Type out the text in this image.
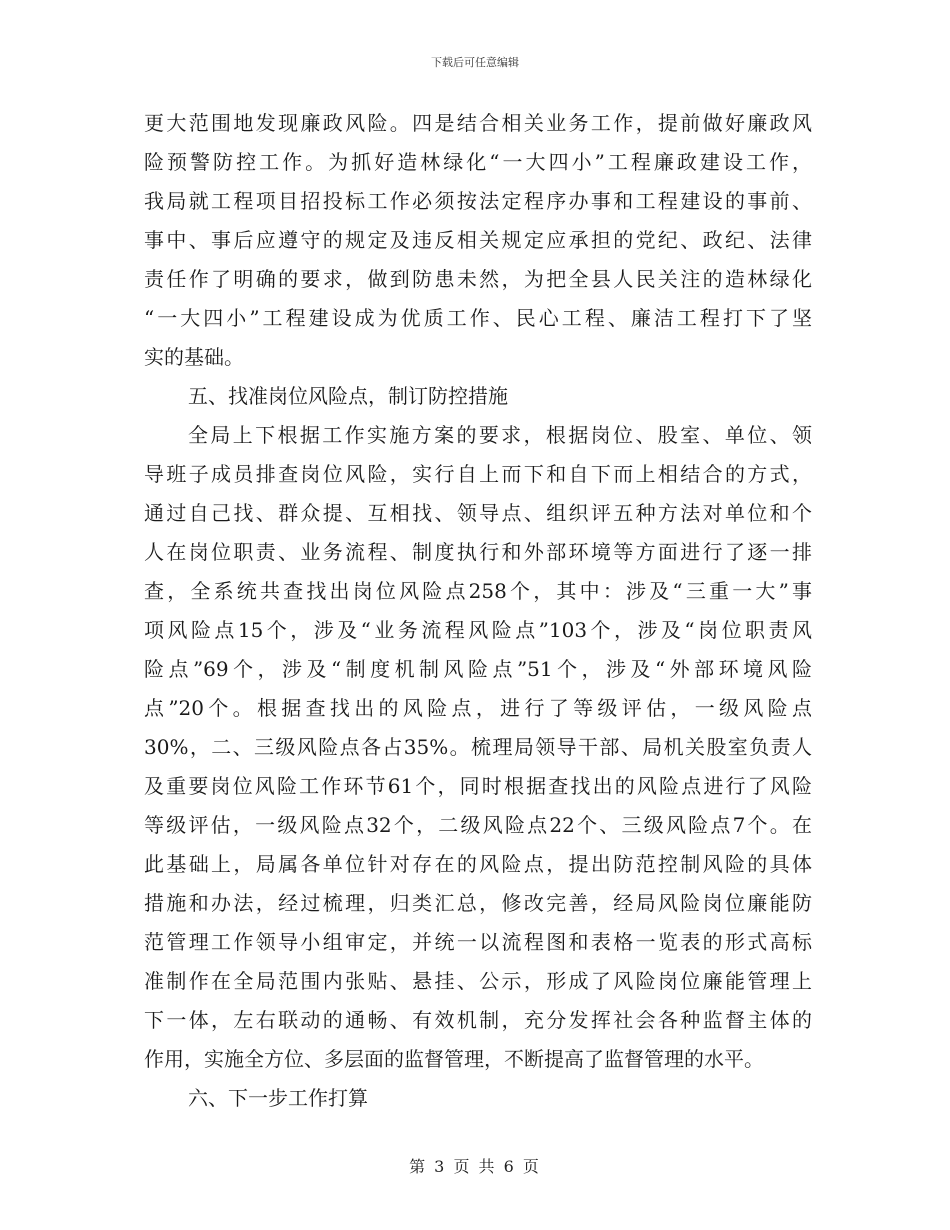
下载后可任意编辑
更大范围地发现廉政风险。四是结合相关业务工作，提前做好廉政风
险预警防控工作。为抓好造林绿化“一大四小”工程廉政建设工作，
我局就工程项目招投标工作必须按法定程序办事和工程建设的事前、
事中、事后应遵守的规定及违反相关规定应承担的党纪、政纪、法律
责任作了明确的要求，做到防患未然，为把全县人民关注的造林绿化
“一大四小”工程建设成为优质工作、民心工程、廉洁工程打下了坚
实的基础。
五、找准岗位风险点，制订防控措施
全局上下根据工作实施方案的要求，根据岗位、股室、单位、领
导班子成员排查岗位风险，实行自上而下和自下而上相结合的方式，
通过自己找、群众提、互相找、领导点、组织评五种方法对单位和个
人在岗位职责、业务流程、制度执行和外部环境等方面进行了逐一排
查，全系统共查找出岗位风险点258个，其中：涉及“三重一大”事
项风险点15个，涉及“业务流程风险点”103个，涉及“岗位职责风
险点”69个，涉及“制度机制风险点”51个，涉及“外部环境风险
点”20个。根据查找出的风险点，进行了等级评估，一级风险点
30%，二、三级风险点各占35%。梳理局领导干部、局机关股室负责人
及重要岗位风险工作环节61个，同时根据查找出的风险点进行了风险
等级评估，一级风险点32个，二级风险点22个、三级风险点7个。在
此基础上，局属各单位针对存在的风险点，提出防范控制风险的具体
措施和办法，经过梳理，归类汇总，修改完善，经局风险岗位廉能防
范管理工作领导小组审定，并统一以流程图和表格一览表的形式高标
准制作在全局范围内张贴、悬挂、公示，形成了风险岗位廉能管理上
下一体，左右联动的通畅、有效机制，充分发挥社会各种监督主体的
作用，实施全方位、多层面的监督管理，不断提高了监督管理的水平。
六、下一步工作打算
第 3 页 共 6 页
